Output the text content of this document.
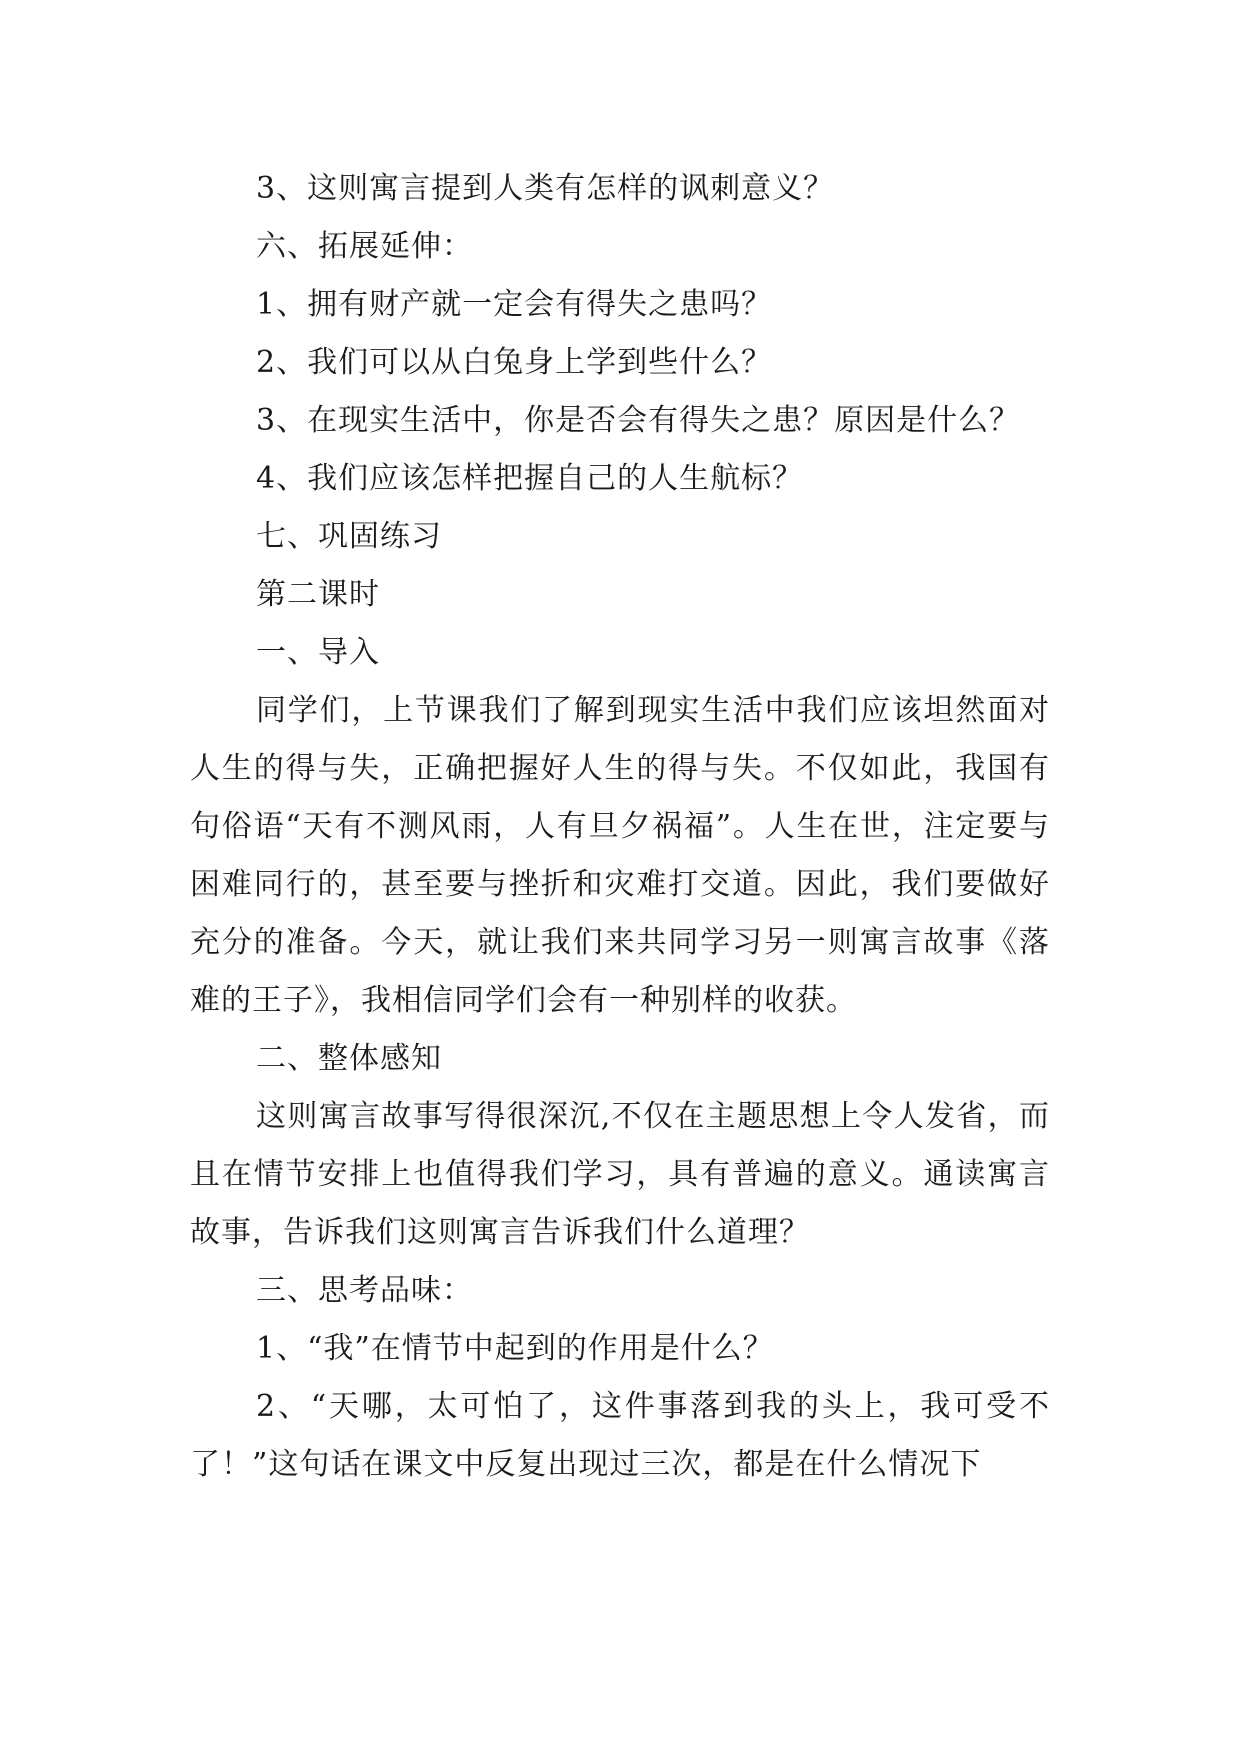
3、这则寓言提到人类有怎样的讽刺意义？
六、拓展延伸：
1、拥有财产就一定会有得失之患吗？
2、我们可以从白兔身上学到些什么？
3、在现实生活中，你是否会有得失之患？原因是什么？
4、我们应该怎样把握自己的人生航标？
七、巩固练习
第二课时
一、导入

同学们，上节课我们了解到现实生活中我们应该坦然面对人生的得与失，正确把握好人生的得与失。不仅如此，我国有句俗语“天有不测风雨，人有旦夕祸福”。人生在世，注定要与困难同行的，甚至要与挫折和灾难打交道。因此，我们要做好充分的准备。今天，就让我们来共同学习另一则寓言故事《落难的王子》，我相信同学们会有一种别样的收获。

二、整体感知

这则寓言故事写得很深沉,不仅在主题思想上令人发省，而且在情节安排上也值得我们学习，具有普遍的意义。通读寓言故事，告诉我们这则寓言告诉我们什么道理？

三、思考品味：
1、“我”在情节中起到的作用是什么？

2、“天哪，太可怕了，这件事落到我的头上，我可受不了！”这句话在课文中反复出现过三次，都是在什么情况下
